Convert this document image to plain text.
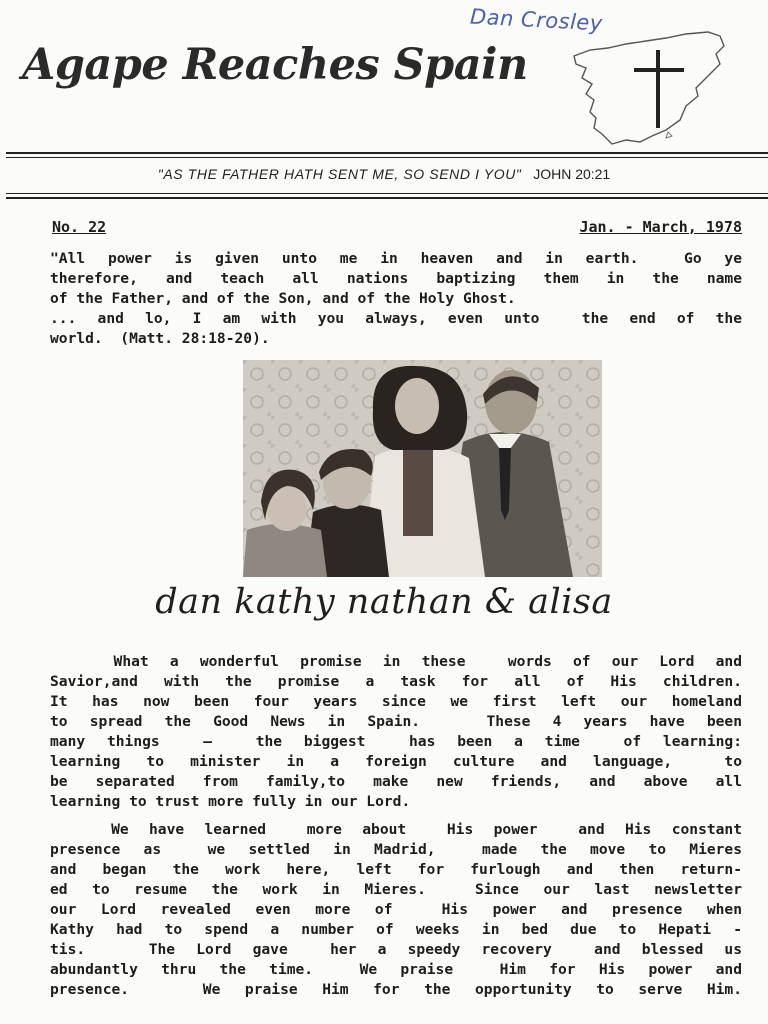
Dan Crosley
Agape Reaches Spain
"AS THE FATHER HATH SENT ME, SO SEND I YOU" JOHN 20:21
No. 22	Jan. - March, 1978
"All power is given unto me in heaven and in earth.  Go ye
therefore, and teach all nations baptizing them in the name
of the Father, and of the Son, and of the Holy Ghost.
... and lo, I am with you always, even unto  the end of the
world.  (Matt. 28:18-20).
dan kathy nathan & alisa
What a wonderful promise in these  words of our Lord and
Savior,and with the promise a task for all of His children.
It has now been four years since we first left our homeland
to spread the Good News in Spain.   These 4 years have been
many things  —  the biggest  has been a time  of learning:
learning to minister in a foreign culture and language,  to
be separated from family,to make new friends, and above all
learning to trust more fully in our Lord.
We have learned  more about  His power  and His constant
presence as  we settled in Madrid,  made the move to Mieres
and began the work here, left for furlough and then return-
ed to resume the work in Mieres.  Since our last newsletter
our Lord revealed even more of  His power and presence when
Kathy had to spend a number of weeks in bed due to Hepati -
tis.   The Lord gave  her a speedy recovery  and blessed us
abundantly thru the time.  We praise  Him for His power and
presence.   We praise Him for the opportunity to serve Him.
